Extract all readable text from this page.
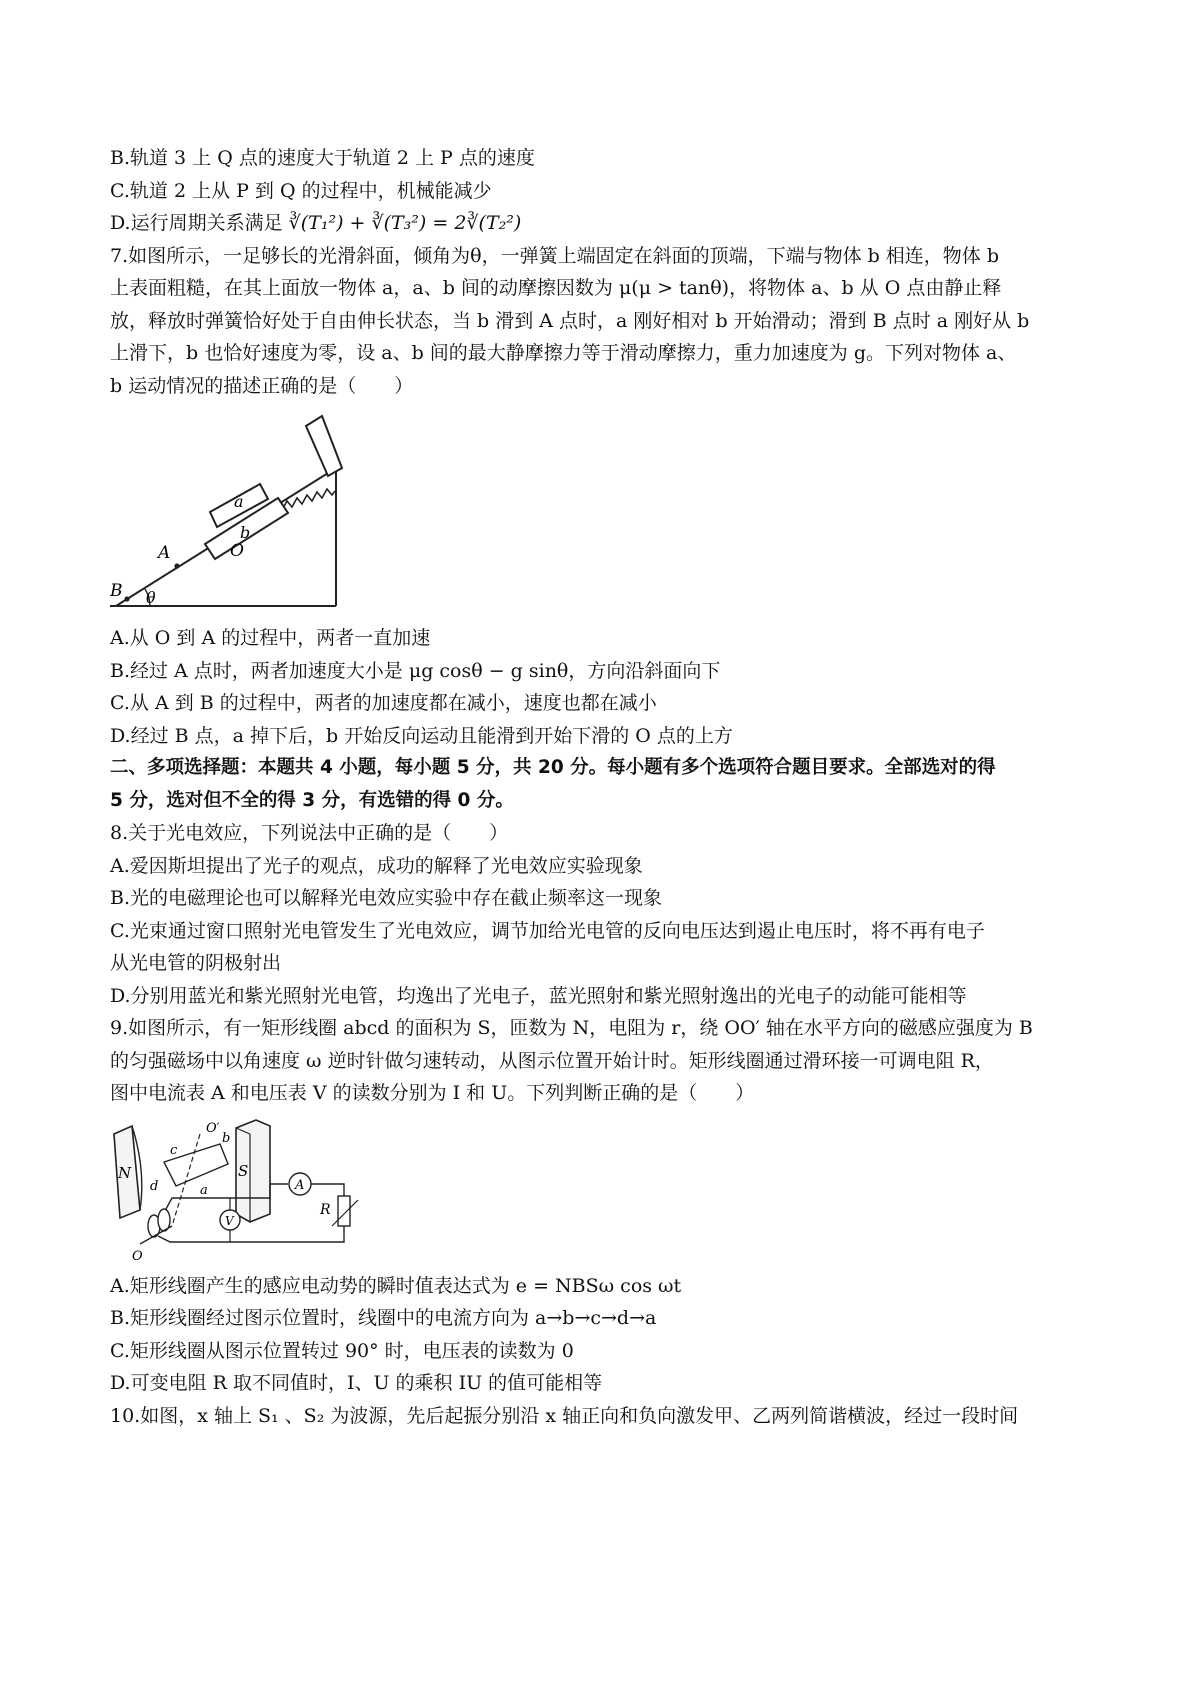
B.轨道 3 上 Q 点的速度大于轨道 2 上 P 点的速度
C.轨道 2 上从 P 到 Q 的过程中，机械能减少
D.运行周期关系满足 ∛(T₁²) + ∛(T₃²) = 2∛(T₂²)
7.如图所示，一足够长的光滑斜面，倾角为θ，一弹簧上端固定在斜面的顶端，下端与物体 b 相连，物体 b
上表面粗糙，在其上面放一物体 a，a、b 间的动摩擦因数为 μ(μ > tanθ)，将物体 a、b 从 O 点由静止释
放，释放时弹簧恰好处于自由伸长状态，当 b 滑到 A 点时，a 刚好相对 b 开始滑动；滑到 B 点时 a 刚好从 b
上滑下，b 也恰好速度为零，设 a、b 间的最大静摩擦力等于滑动摩擦力，重力加速度为 g。下列对物体 a、
b 运动情况的描述正确的是（　　）
a
b
A	O
B θ
A.从 O 到 A 的过程中，两者一直加速
B.经过 A 点时，两者加速度大小是 μg cosθ − g sinθ，方向沿斜面向下
C.从 A 到 B 的过程中，两者的加速度都在减小，速度也都在减小
D.经过 B 点，a 掉下后，b 开始反向运动且能滑到开始下滑的 O 点的上方
二、多项选择题：本题共 4 小题，每小题 5 分，共 20 分。每小题有多个选项符合题目要求。全部选对的得
5 分，选对但不全的得 3 分，有选错的得 0 分。
8.关于光电效应，下列说法中正确的是（　　）
A.爱因斯坦提出了光子的观点，成功的解释了光电效应实验现象
B.光的电磁理论也可以解释光电效应实验中存在截止频率这一现象
C.光束通过窗口照射光电管发生了光电效应，调节加给光电管的反向电压达到遏止电压时，将不再有电子
从光电管的阴极射出
D.分别用蓝光和紫光照射光电管，均逸出了光电子，蓝光照射和紫光照射逸出的光电子的动能可能相等
9.如图所示，有一矩形线圈 abcd 的面积为 S，匝数为 N，电阻为 r，绕 OO′ 轴在水平方向的磁感应强度为 B
的匀强磁场中以角速度 ω 逆时针做匀速转动，从图示位置开始计时。矩形线圈通过滑环接一可调电阻 R，
图中电流表 A 和电压表 V 的读数分别为 I 和 U。下列判断正确的是（　　）
N	S
c
b
d	a
O′
O
A
R
V
A.矩形线圈产生的感应电动势的瞬时值表达式为 e = NBSω cos ωt
B.矩形线圈经过图示位置时，线圈中的电流方向为 a→b→c→d→a
C.矩形线圈从图示位置转过 90° 时，电压表的读数为 0
D.可变电阻 R 取不同值时，I、U 的乘积 IU 的值可能相等
10.如图，x 轴上 S₁ 、S₂ 为波源，先后起振分别沿 x 轴正向和负向激发甲、乙两列简谐横波，经过一段时间
